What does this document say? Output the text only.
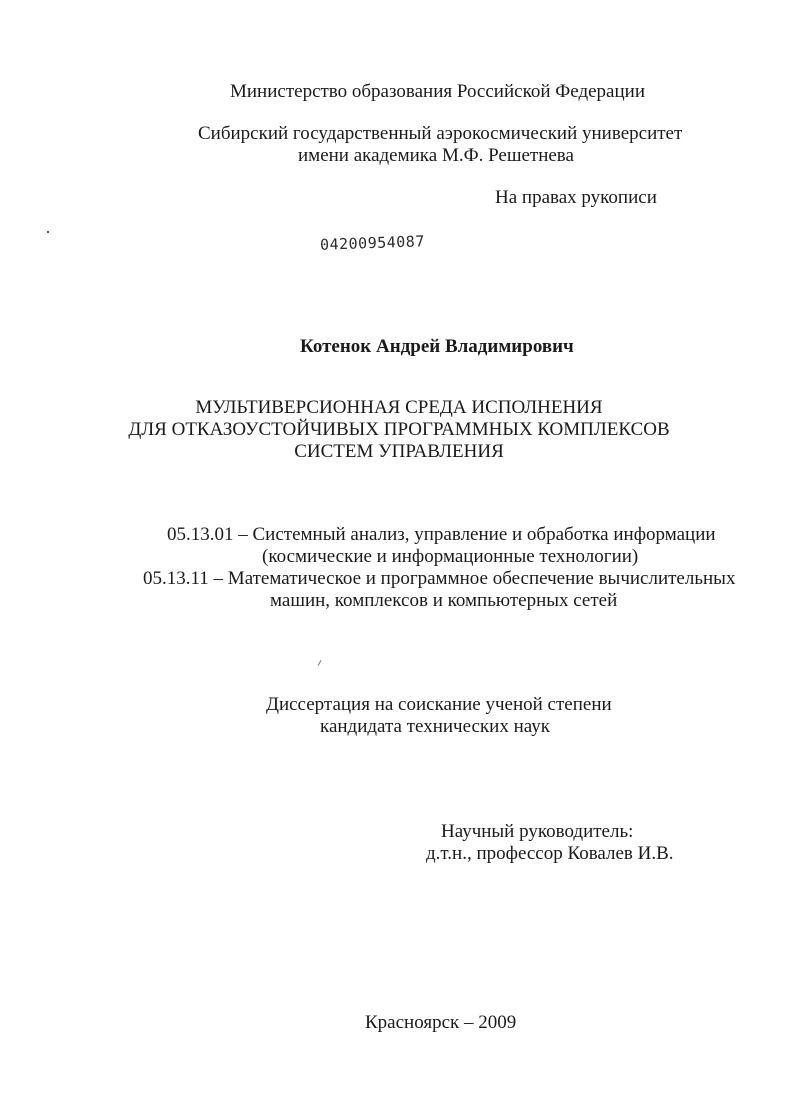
Министерство образования Российской Федерации
Сибирский государственный аэрокосмический университет
имени академика М.Ф. Решетнева
На правах рукописи
04200954087
Котенок Андрей Владимирович
МУЛЬТИВЕРСИОННАЯ СРЕДА ИСПОЛНЕНИЯ
ДЛЯ ОТКАЗОУСТОЙЧИВЫХ ПРОГРАММНЫХ КОМПЛЕКСОВ
СИСТЕМ УПРАВЛЕНИЯ
05.13.01 – Системный анализ, управление и обработка информации
(космические и информационные технологии)
05.13.11 – Математическое и программное обеспечение вычислительных
машин, комплексов и компьютерных сетей
Диссертация на соискание ученой степени
кандидата технических наук
Научный руководитель:
д.т.н., профессор Ковалев И.В.
Красноярск – 2009
